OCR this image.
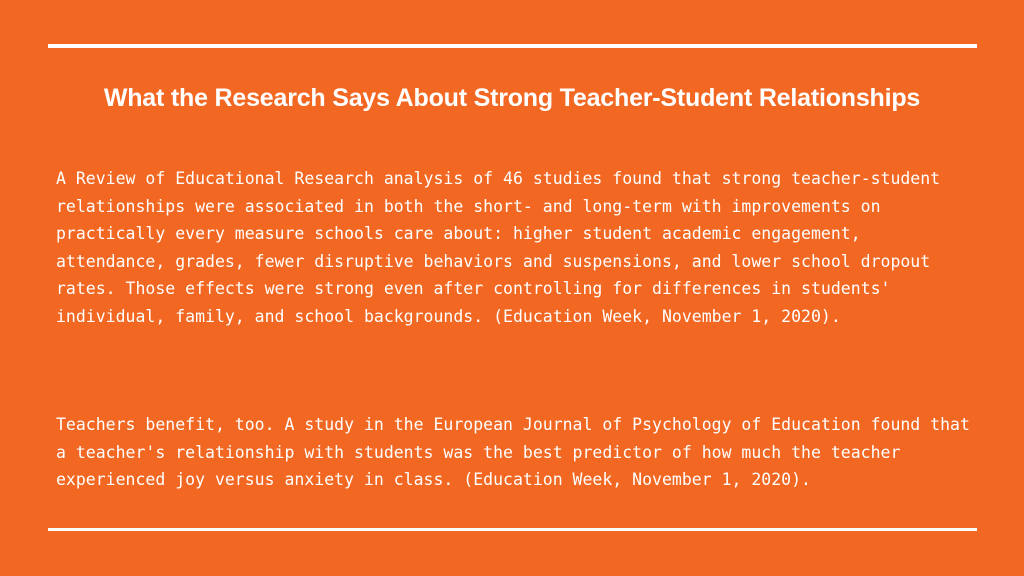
What the Research Says About Strong Teacher-Student Relationships

A Review of Educational Research analysis of 46 studies found that strong teacher-student relationships were associated in both the short- and long-term with improvements on practically every measure schools care about: higher student academic engagement, attendance, grades, fewer disruptive behaviors and suspensions, and lower school dropout rates. Those effects were strong even after controlling for differences in students' individual, family, and school backgrounds. (Education Week, November 1, 2020).

Teachers benefit, too. A study in the European Journal of Psychology of Education found that a teacher's relationship with students was the best predictor of how much the teacher experienced joy versus anxiety in class. (Education Week, November 1, 2020).
